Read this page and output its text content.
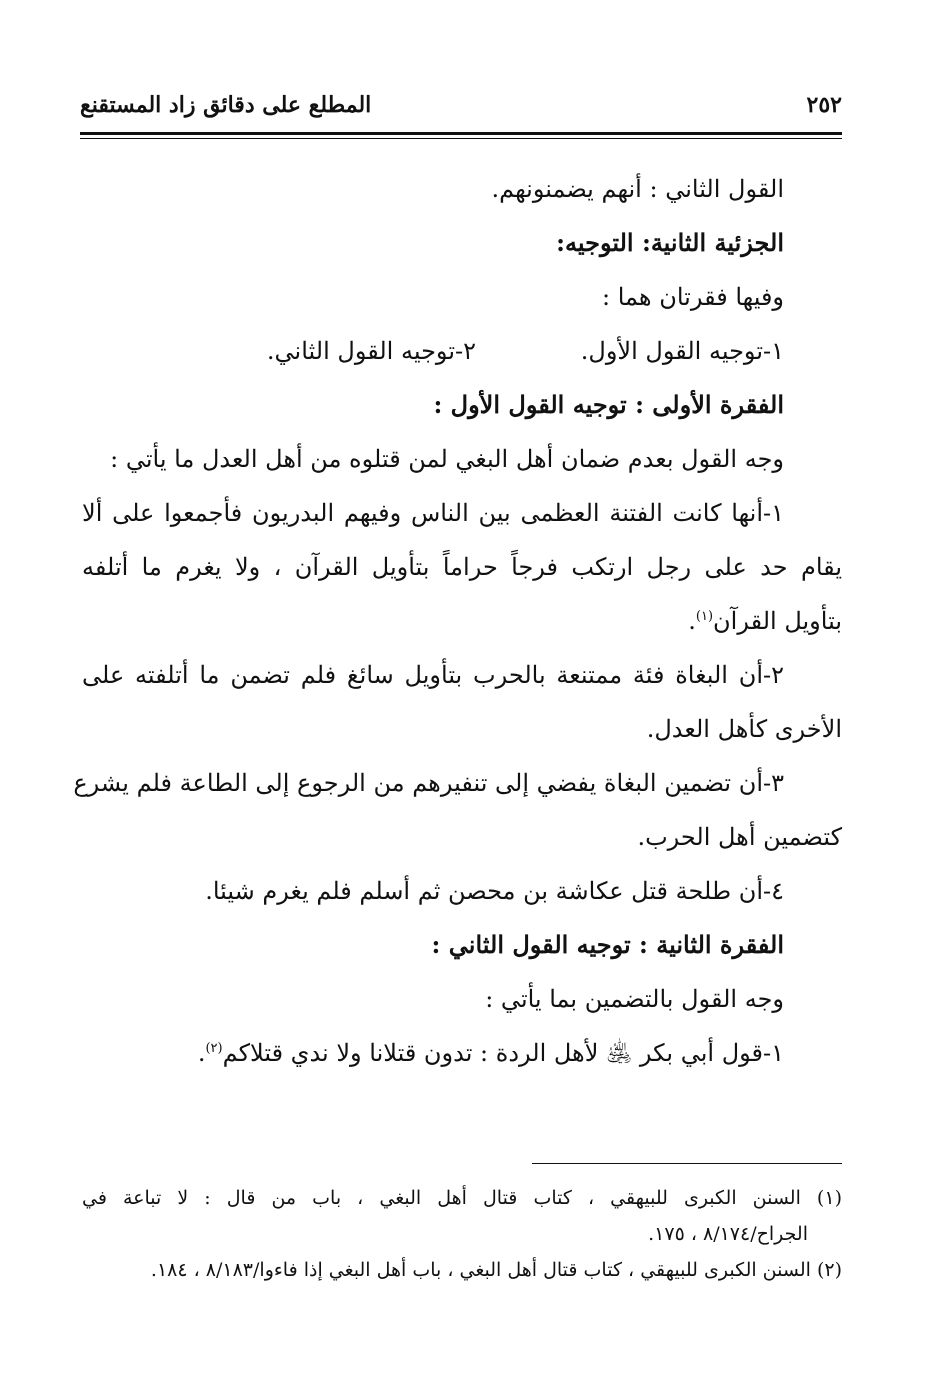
٢٥٢
المطلع على دقائق زاد المستقنع
القول الثاني : أنهم يضمنونهم.
الجزئية الثانية: التوجيه:
وفيها فقرتان هما :
١-توجيه القول الأول.
٢-توجيه القول الثاني.
الفقرة الأولى : توجيه القول الأول :
وجه القول بعدم ضمان أهل البغي لمن قتلوه من أهل العدل ما يأتي :
١-أنها كانت الفتنة العظمى بين الناس وفيهم البدريون فأجمعوا على ألا
يقام حد على رجل ارتكب فرجاً حراماً بتأويل القرآن ، ولا يغرم ما أتلفه
بتأويل القرآن$^{(١)}$.
٢-أن البغاة فئة ممتنعة بالحرب بتأويل سائغ فلم تضمن ما أتلفته على
الأخرى كأهل العدل.
٣-أن تضمين البغاة يفضي إلى تنفيرهم من الرجوع إلى الطاعة فلم يشرع
كتضمين أهل الحرب.
٤-أن طلحة قتل عكاشة بن محصن ثم أسلم فلم يغرم شيئا.
الفقرة الثانية : توجيه القول الثاني :
وجه القول بالتضمين بما يأتي :
١-قول أبي بكر ﵁ لأهل الردة : تدون قتلانا ولا ندي قتلاكم$^{(٢)}$.
(١) السنن الكبرى للبيهقي ، كتاب قتال أهل البغي ، باب من قال : لا تباعة في
الجراح/٨/١٧٤ ، ١٧٥.
(٢) السنن الكبرى للبيهقي ، كتاب قتال أهل البغي ، باب أهل البغي إذا فاءوا/٨/١٨٣ ، ١٨٤.
